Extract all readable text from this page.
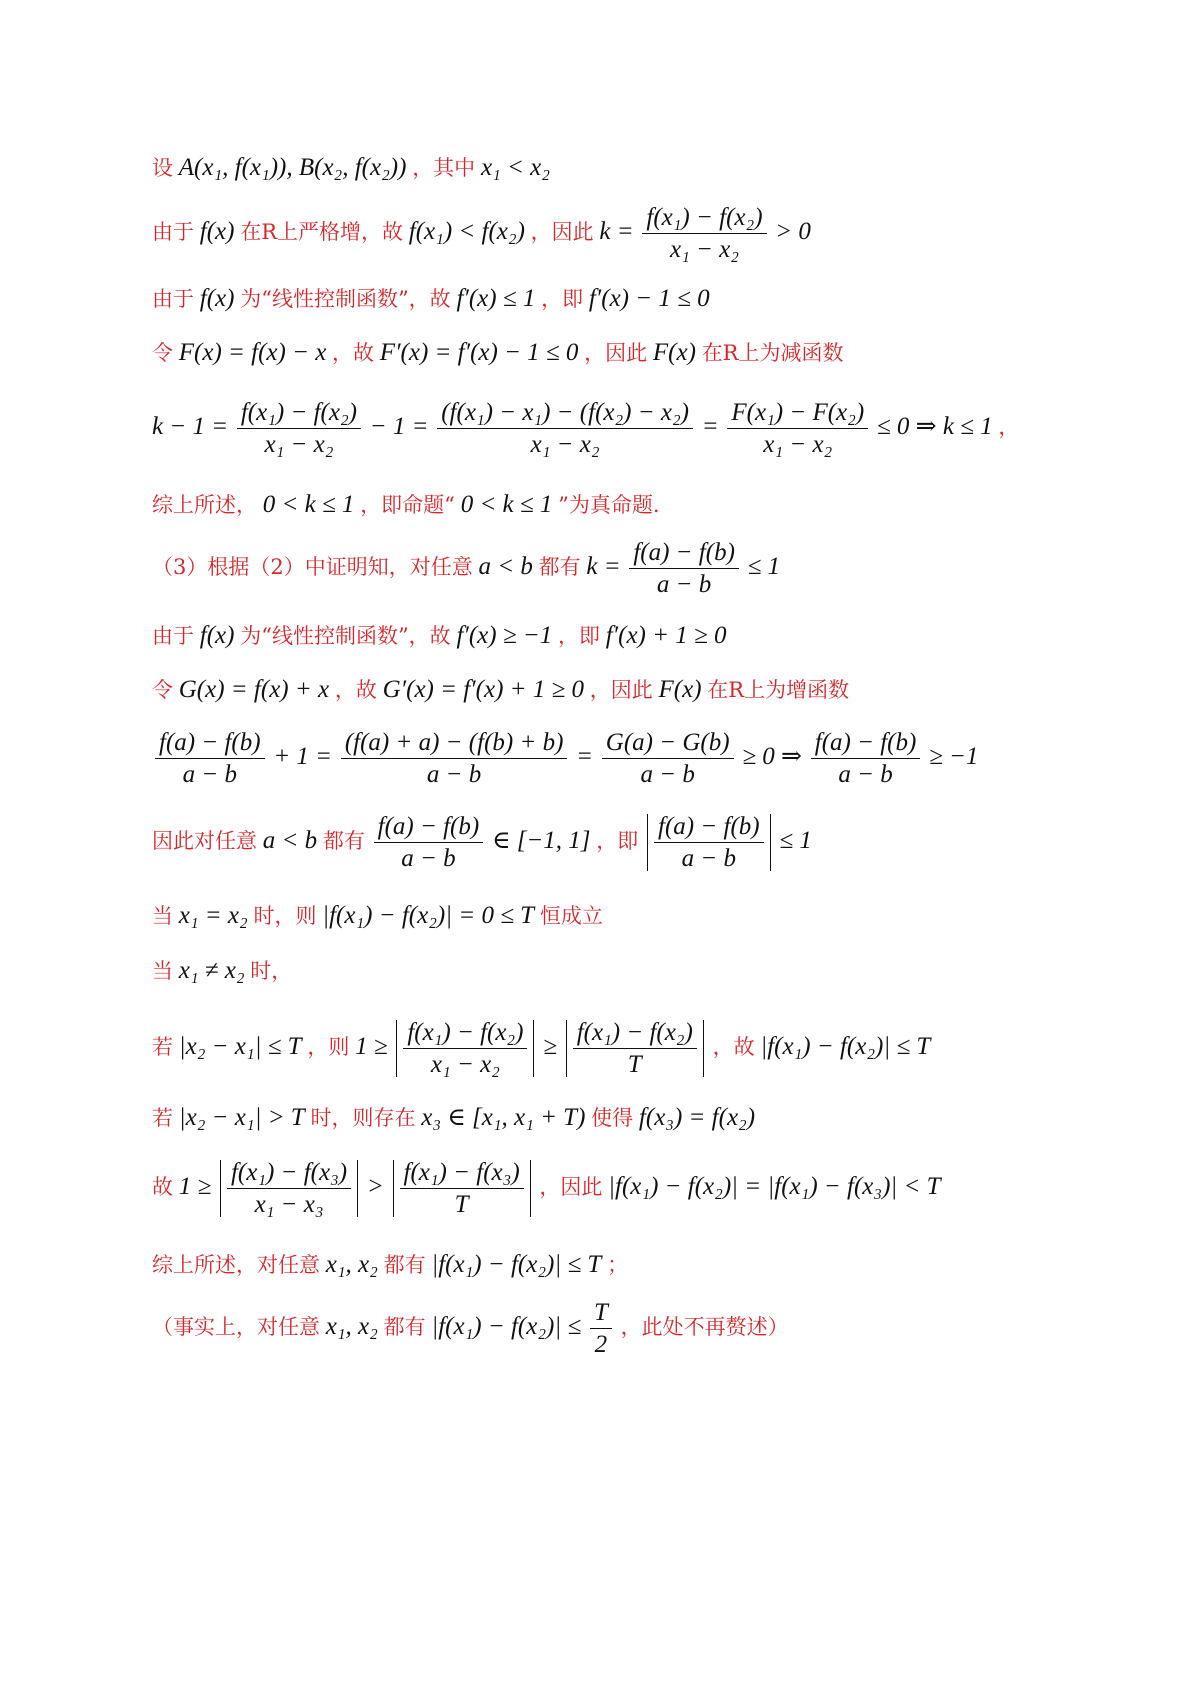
设 A(x₁, f(x₁)), B(x₂, f(x₂)) ，其中 x₁ < x₂
由于 f(x) 在R上严格增，故 f(x₁) < f(x₂) ，因此 $k = \frac{\text{f(x₁) − f(x₂)}}{\text{x₁ − x₂}} > 0$
由于 f(x) 为“线性控制函数”，故 f′(x) ≤ 1 ，即 f′(x) − 1 ≤ 0
令 F(x) = f(x) − x ，故 F′(x) = f′(x) − 1 ≤ 0 ，因此 F(x) 在R上为减函数
$k - 1 = \frac{\text{f(x₁) − f(x₂)}}{\text{x₁ − x₂}} - 1 = \frac{\text{(f(x₁) − x₁) − (f(x₂) − x₂)}}{\text{x₁ − x₂}} = \frac{\text{F(x₁) − F(x₂)}}{\text{x₁ − x₂}} \le 0$ ⇒ k ≤ 1 ，
综上所述， 0 < k ≤ 1 ，即命题“ 0 < k ≤ 1 ”为真命题.
（3）根据（2）中证明知，对任意 a < b 都有 $k = \frac{f(a) - f(b)}{a - b} \le 1$
由于 f(x) 为“线性控制函数”，故 f′(x) ≥ −1 ，即 f′(x) + 1 ≥ 0
令 G(x) = f(x) + x ，故 G′(x) = f′(x) + 1 ≥ 0 ，因此 F(x) 在R上为增函数
$\frac{f(a) - f(b)}{a - b} + 1 = \frac{(f(a) + a) - (f(b) + b)}{a - b} = \frac{G(a) - G(b)}{a - b} \ge 0$ ⇒ $\frac{f(a) - f(b)}{a - b} \ge -1$
因此对任意 a < b 都有 $\frac{f(a) - f(b)}{a - b}$ ∈ [−1, 1] ，即 $\frac{f(a) - f(b)}{a - b} \le 1$
当 x₁ = x₂ 时，则 |f(x₁) − f(x₂)| = 0 ≤ T 恒成立
当 x₁ ≠ x₂ 时，
若 |x₂ − x₁| ≤ T ，则 $1 \ge \frac{\text{f(x₁) − f(x₂)}}{\text{x₁ − x₂}} \ge \frac{\text{f(x₁) − f(x₂)}}{T}$ ，故 |f(x₁) − f(x₂)| ≤ T
若 |x₂ − x₁| > T 时，则存在 x₃ ∈ [x₁, x₁ + T) 使得 f(x₃) = f(x₂)
故 $1 \ge \frac{\text{f(x₁) − f(x₃)}}{\text{x₁ − x₃}} > \frac{\text{f(x₁) − f(x₃)}}{T}$ ，因此 |f(x₁) − f(x₂)| = |f(x₁) − f(x₃)| < T
综上所述，对任意 x₁, x₂ 都有 |f(x₁) − f(x₂)| ≤ T ；
（事实上，对任意 x₁, x₂ 都有 $|f(x_1) - f(x_2)| \le \frac{T}{2}$ ，此处不再赘述）
